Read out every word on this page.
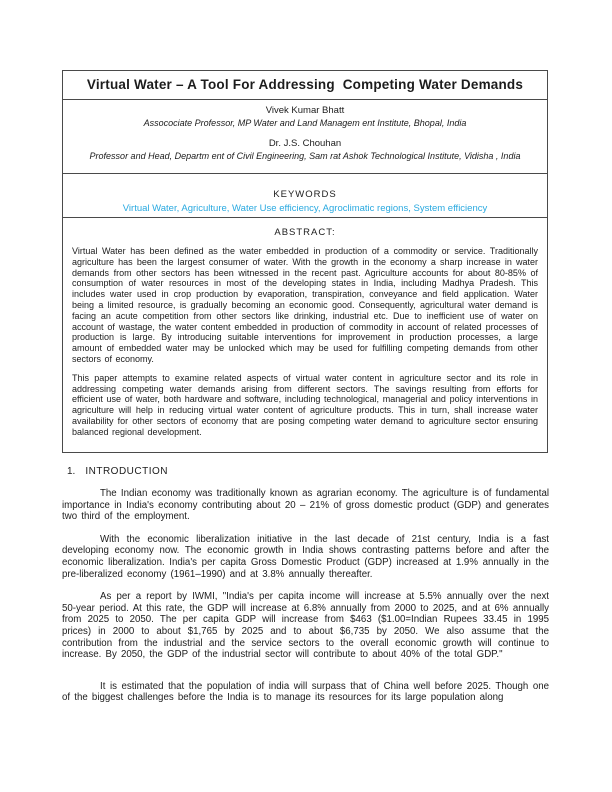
Virtual Water – A Tool For Addressing  Competing Water Demands
Vivek Kumar Bhatt
Assocociate Professor, MP Water and Land Managem ent Institute, Bhopal, India
Dr. J.S. Chouhan
Professor and Head, Departm ent of Civil Engineering, Sam rat Ashok Technological Institute, Vidisha , India
KEYWORDS
Virtual Water, Agriculture, Water Use efficiency, Agroclimatic regions, System efficiency
ABSTRACT:
Virtual Water has been defined as the water embedded in production of a commodity or service. Traditionally agriculture has been the largest consumer of water. With the growth in the economy a sharp increase in water demands from other sectors has been witnessed in the recent past. Agriculture accounts for about 80-85% of consumption of water resources in most of the developing states in India, including Madhya Pradesh. This includes water used in crop production by evaporation, transpiration, conveyance and field application. Water being a limited resource, is gradually becoming an economic good. Consequently, agricultural water demand is facing an acute competition from other sectors like drinking, industrial etc. Due to inefficient use of water on account of wastage, the water content embedded in production of commodity in account of related processes of production is large. By introducing suitable interventions for improvement in production processes, a large amount of embedded water may be unlocked which may be used for fulfilling competing demands from other sectors of economy.
This paper attempts to examine related aspects of virtual water content in agriculture sector and its role in addressing competing water demands arising from different sectors. The savings resulting from efforts for efficient use of water, both hardware and software, including technological, managerial and policy interventions in agriculture will help in reducing virtual water content of agriculture products. This in turn, shall increase water availability for other sectors of economy that are posing competing water demand to agriculture sector ensuring balanced regional development.
1. INTRODUCTION

The Indian economy was traditionally known as agrarian economy. The agriculture is of fundamental importance in India's economy contributing about 20 – 21% of gross domestic product (GDP) and generates two third of the employment.

With the economic liberalization initiative in the last decade of 21st century, India is a fast developing economy now. The economic growth in India shows contrasting patterns before and after the economic liberalization. India's per capita Gross Domestic Product (GDP) increased at 1.9% annually in the pre-liberalized economy (1961–1990) and at 3.8% annually thereafter.

As per a report by IWMI, "India's per capita income will increase at 5.5% annually over the next 50-year period. At this rate, the GDP will increase at 6.8% annually from 2000 to 2025, and at 6% annually from 2025 to 2050. The per capita GDP will increase from $463 ($1.00=Indian Rupees 33.45 in 1995 prices) in 2000 to about $1,765 by 2025 and to about $6,735 by 2050. We also assume that the contribution from the industrial and the service sectors to the overall economic growth will continue to increase. By 2050, the GDP of the industrial sector will contribute to about 40% of the total GDP."

It is estimated that the population of india will surpass that of China well before 2025. Though one of the biggest challenges before the India is to manage its resources for its large population along
